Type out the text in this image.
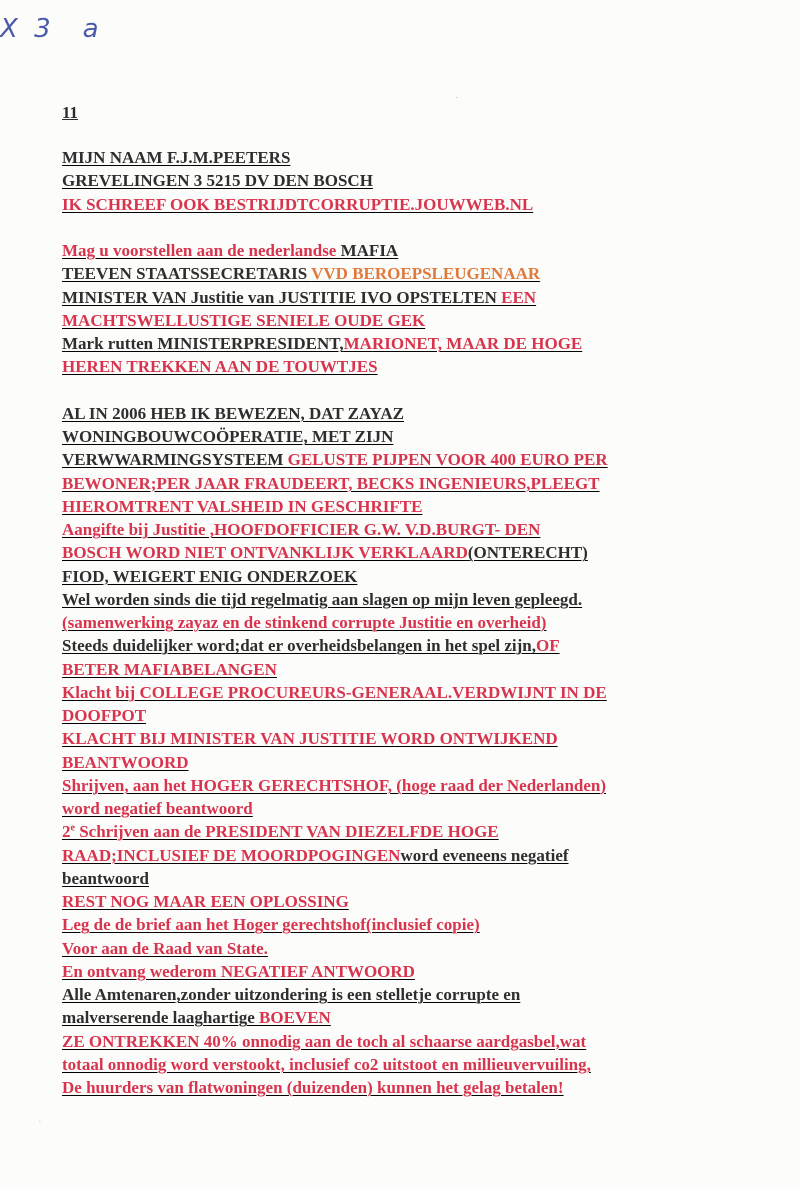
X 3 a
11
MIJN NAAM F.J.M.PEETERS
GREVELINGEN 3 5215 DV DEN BOSCH
IK SCHREEF OOK BESTRIJDTCORRUPTIE.JOUWWEB.NL
Mag u voorstellen aan de nederlandse MAFIA
TEEVEN STAATSSECRETARIS VVD BEROEPSLEUGENAAR
MINISTER VAN Justitie van JUSTITIE IVO OPSTELTEN EEN
MACHTSWELLUSTIGE SENIELE OUDE GEK
Mark rutten MINISTERPRESIDENT,MARIONET, MAAR DE HOGE
HEREN TREKKEN AAN DE TOUWTJES
AL IN 2006 HEB IK BEWEZEN, DAT ZAYAZ
WONINGBOUWCOÖPERATIE, MET ZIJN
VERWWARMINGSYSTEEM GELUSTE PIJPEN VOOR 400 EURO PER
BEWONER;PER JAAR FRAUDEERT, BECKS INGENIEURS,PLEEGT
HIEROMTRENT VALSHEID IN GESCHRIFTE
Aangifte bij Justitie ,HOOFDOFFICIER G.W. V.D.BURGT- DEN
BOSCH WORD NIET ONTVANKLIJK VERKLAARD(ONTERECHT)
FIOD, WEIGERT ENIG ONDERZOEK
Wel worden sinds die tijd regelmatig aan slagen op mijn leven gepleegd.
(samenwerking zayaz en de stinkend corrupte Justitie en overheid)
Steeds duidelijker word;dat er overheidsbelangen in het spel zijn,OF
BETER MAFIABELANGEN
Klacht bij COLLEGE PROCUREURS-GENERAAL.VERDWIJNT IN DE
DOOFPOT
KLACHT BIJ MINISTER VAN JUSTITIE WORD ONTWIJKEND
BEANTWOORD
Shrijven, aan het HOGER GERECHTSHOF, (hoge raad der Nederlanden)
word negatief beantwoord
2e Schrijven aan de PRESIDENT VAN DIEZELFDE HOGE
RAAD;INCLUSIEF DE MOORDPOGINGENword eveneens negatief
beantwoord
REST NOG MAAR EEN OPLOSSING
Leg de de brief aan het Hoger gerechtshof(inclusief copie)
Voor aan de Raad van State.
En ontvang wederom NEGATIEF ANTWOORD
Alle Amtenaren,zonder uitzondering is een stelletje corrupte en
malverserende laaghartige BOEVEN
ZE ONTREKKEN 40% onnodig aan de toch al schaarse aardgasbel,wat
totaal onnodig word verstookt, inclusief co2 uitstoot en millieuvervuiling,
De huurders van flatwoningen (duizenden) kunnen het gelag betalen!
·
·
